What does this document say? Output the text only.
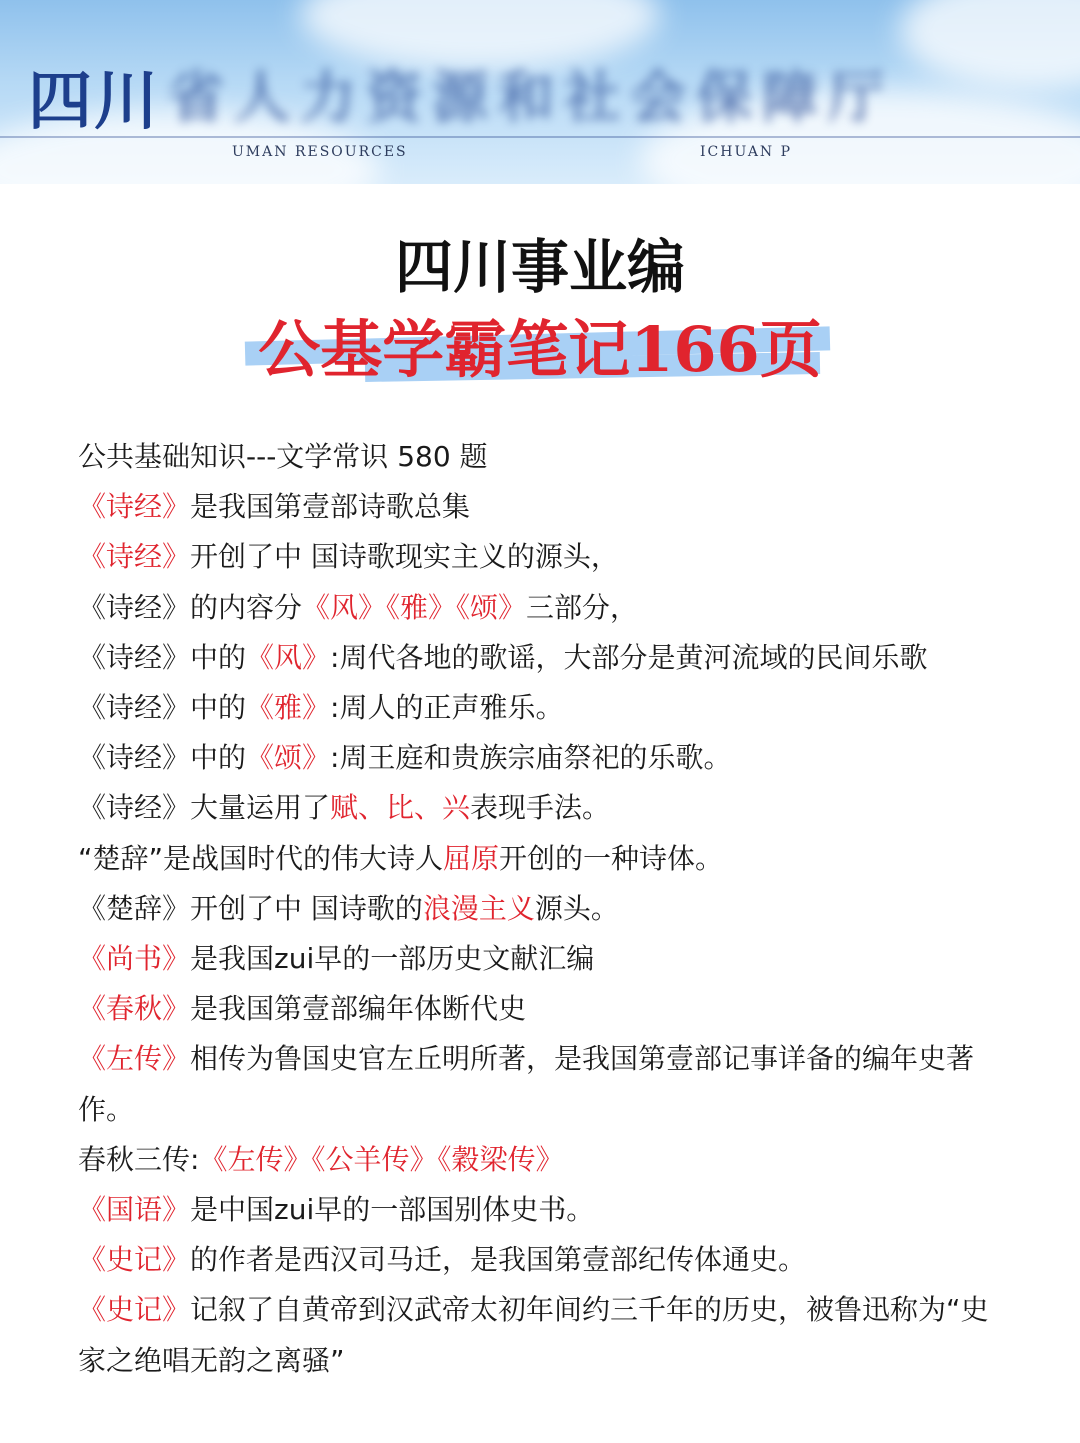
四川 省人力资源和社会保障厅
UMAN RESOURCES	ICHUAN P
四川事业编
公基学霸笔记166页
公共基础知识---文学常识 580 题
《诗经》是我国第壹部诗歌总集
《诗经》开创了中 国诗歌现实主义的源头，
《诗经》的内容分《风》《雅》《颂》三部分，
《诗经》中的《风》:周代各地的歌谣，大部分是黄河流域的民间乐歌
《诗经》中的《雅》:周人的正声雅乐。
《诗经》中的《颂》:周王庭和贵族宗庙祭祀的乐歌。
《诗经》大量运用了赋、比、兴表现手法。
“楚辞”是战国时代的伟大诗人屈原开创的一种诗体。
《楚辞》开创了中 国诗歌的浪漫主义源头。
《尚书》是我国zui早的一部历史文献汇编
《春秋》是我国第壹部编年体断代史
《左传》相传为鲁国史官左丘明所著，是我国第壹部记事详备的编年史著作。
春秋三传:《左传》《公羊传》《穀梁传》
《国语》是中国zui早的一部国别体史书。
《史记》的作者是西汉司马迁，是我国第壹部纪传体通史。
《史记》记叙了自黄帝到汉武帝太初年间约三千年的历史，被鲁迅称为“史家之绝唱无韵之离骚”
